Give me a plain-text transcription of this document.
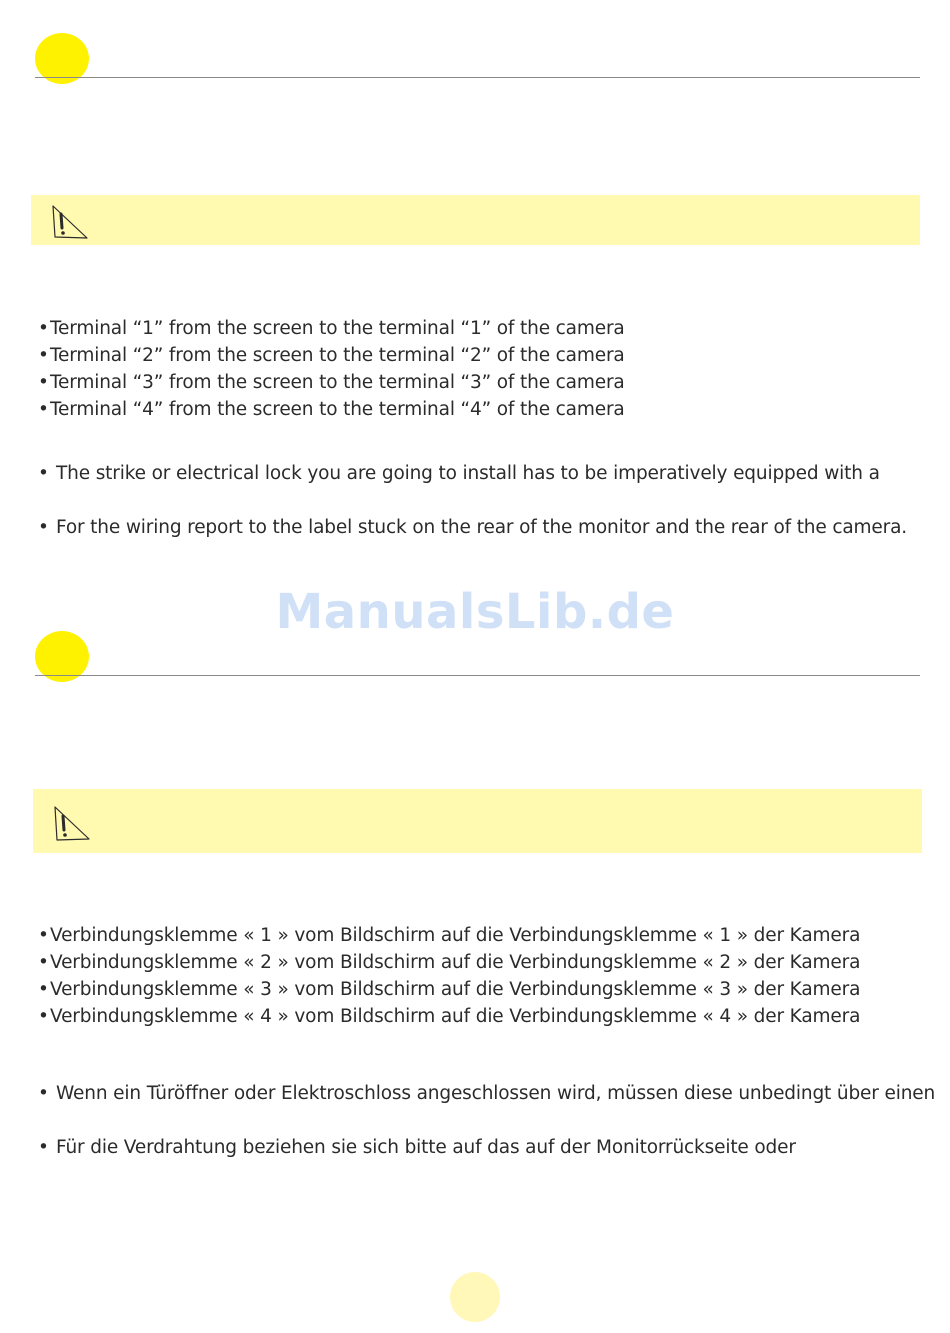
•Terminal “1” from the screen to the terminal “1” of the camera
•Terminal “2” from the screen to the terminal “2” of the camera
•Terminal “3” from the screen to the terminal “3” of the camera
•Terminal “4” from the screen to the terminal “4” of the camera
• The strike or electrical lock you are going to install has to be imperatively equipped with a
• For the wiring report to the label stuck on the rear of the monitor and the rear of the camera.
ManualsLib.de
•Verbindungsklemme « 1 » vom Bildschirm auf die Verbindungsklemme « 1 » der Kamera
•Verbindungsklemme « 2 » vom Bildschirm auf die Verbindungsklemme « 2 » der Kamera
•Verbindungsklemme « 3 » vom Bildschirm auf die Verbindungsklemme « 3 » der Kamera
•Verbindungsklemme « 4 » vom Bildschirm auf die Verbindungsklemme « 4 » der Kamera
• Wenn ein Türöffner oder Elektroschloss angeschlossen wird, müssen diese unbedingt über einen
• Für die Verdrahtung beziehen sie sich bitte auf das auf der Monitorrückseite oder
